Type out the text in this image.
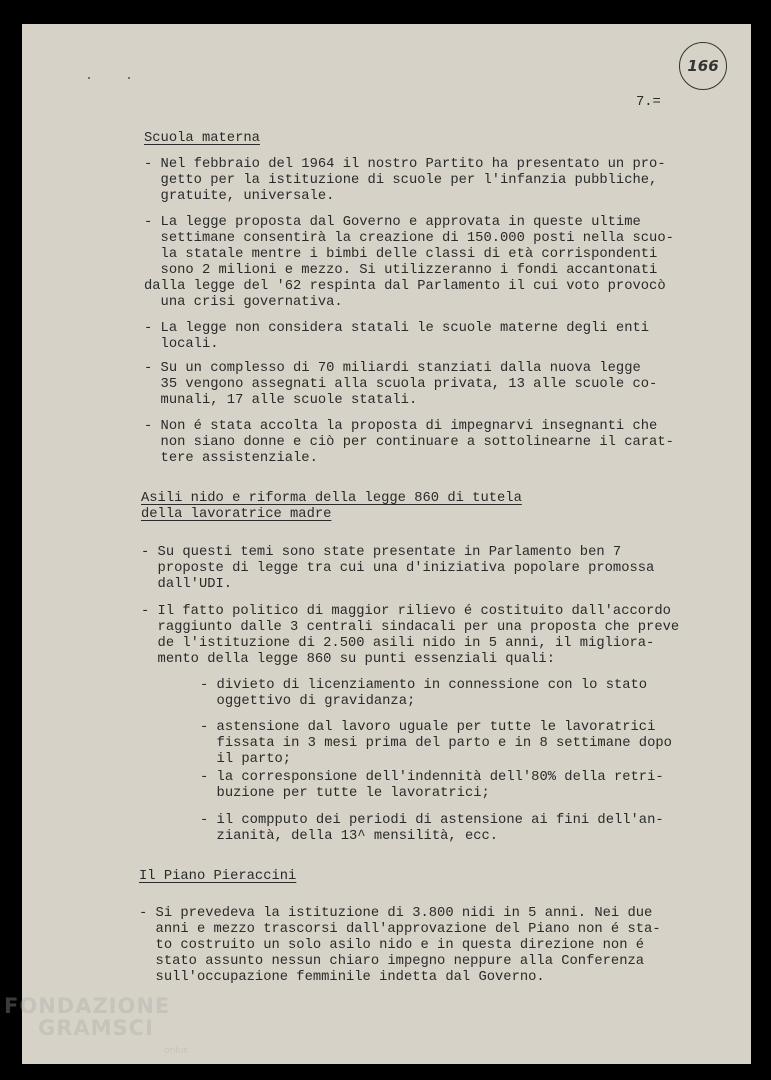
166
7.=
Scuola materna
- Nel febbraio del 1964 il nostro Partito ha presentato un pro-
getto per la istituzione di scuole per l'infanzia pubbliche,
gratuite, universale.
- La legge proposta dal Governo e approvata in queste ultime
settimane consentirà la creazione di 150.000 posti nella scuo-
la statale mentre i bimbi delle classi di età corrispondenti
sono 2 milioni e mezzo. Si utilizzeranno i fondi accantonati
dalla legge del '62 respinta dal Parlamento il cui voto provocò
una crisi governativa.
- La legge non considera statali le scuole materne degli enti
locali.
- Su un complesso di 70 miliardi stanziati dalla nuova legge
35 vengono assegnati alla scuola privata, 13 alle scuole co-
munali, 17 alle scuole statali.
- Non é stata accolta la proposta di impegnarvi insegnanti che
non siano donne e ciò per continuare a sottolinearne il carat-
tere assistenziale.
Asili nido e riforma della legge 860 di tutela
della lavoratrice madre
- Su questi temi sono state presentate in Parlamento ben 7
proposte di legge tra cui una d'iniziativa popolare promossa
dall'UDI.
- Il fatto politico di maggior rilievo é costituito dall'accordo
raggiunto dalle 3 centrali sindacali per una proposta che preve
de l'istituzione di 2.500 asili nido in 5 anni, il migliora-
mento della legge 860 su punti essenziali quali:
- divieto di licenziamento in connessione con lo stato
oggettivo di gravidanza;
- astensione dal lavoro uguale per tutte le lavoratrici
fissata in 3 mesi prima del parto e in 8 settimane dopo
il parto;
- la corresponsione dell'indennità dell'80% della retri-
buzione per tutte le lavoratrici;
- il compputo dei periodi di astensione ai fini dell'an-
zianità, della 13^ mensilità, ecc.
Il Piano Pieraccini
- Si prevedeva la istituzione di 3.800 nidi in 5 anni. Nei due
anni e mezzo trascorsi dall'approvazione del Piano non é sta-
to costruito un solo asilo nido e in questa direzione non é
stato assunto nessun chiaro impegno neppure alla Conferenza
sull'occupazione femminile indetta dal Governo.
FONDAZIONE
GRAMSCI
onlus
